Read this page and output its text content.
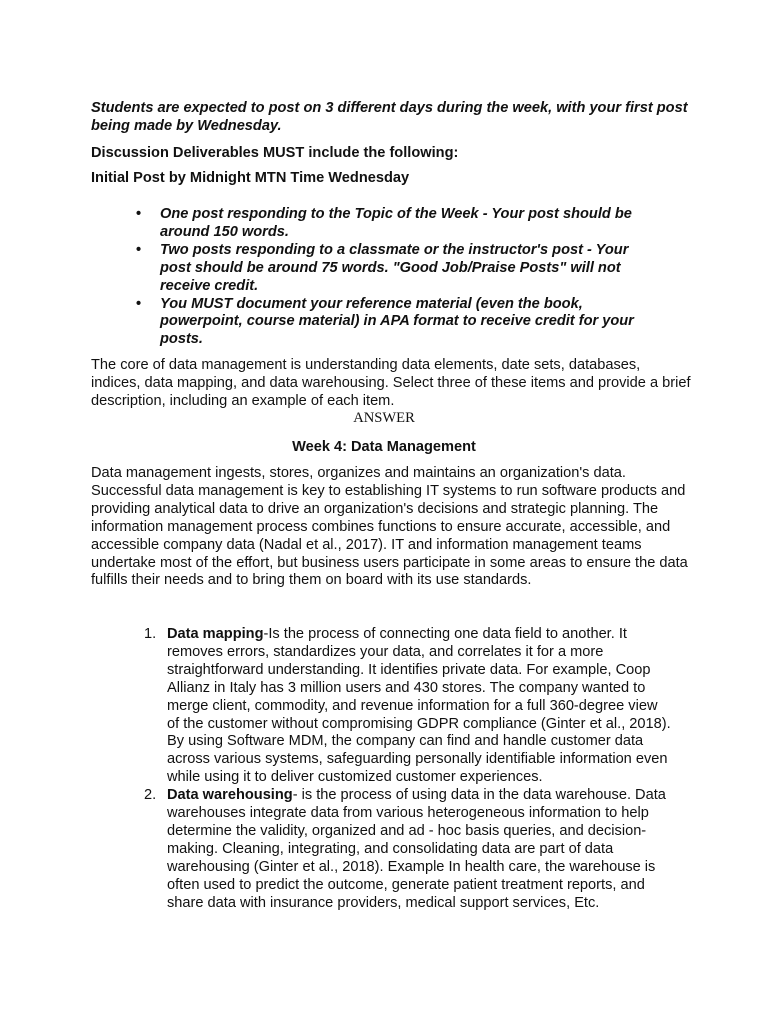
Students are expected to post on 3 different days during the week, with your first post being made by Wednesday.

Discussion Deliverables MUST include the following:

Initial Post by Midnight MTN Time Wednesday

• One post responding to the Topic of the Week - Your post should be around 150 words.
• Two posts responding to a classmate or the instructor's post - Your post should be around 75 words. "Good Job/Praise Posts" will not receive credit.
• You MUST document your reference material (even the book, powerpoint, course material) in APA format to receive credit for your posts.

The core of data management is understanding data elements, date sets, databases, indices, data mapping, and data warehousing. Select three of these items and provide a brief description, including an example of each item.

ANSWER
Week 4: Data Management

Data management ingests, stores, organizes and maintains an organization's data. Successful data management is key to establishing IT systems to run software products and providing analytical data to drive an organization's decisions and strategic planning. The information management process combines functions to ensure accurate, accessible, and accessible company data (Nadal et al., 2017). IT and information management teams undertake most of the effort, but business users participate in some areas to ensure the data fulfills their needs and to bring them on board with its use standards.

1. Data mapping-Is the process of connecting one data field to another. It removes errors, standardizes your data, and correlates it for a more straightforward understanding. It identifies private data. For example, Coop Allianz in Italy has 3 million users and 430 stores. The company wanted to merge client, commodity, and revenue information for a full 360-degree view of the customer without compromising GDPR compliance (Ginter et al., 2018). By using Software MDM, the company can find and handle customer data across various systems, safeguarding personally identifiable information even while using it to deliver customized customer experiences.
2. Data warehousing- is the process of using data in the data warehouse. Data warehouses integrate data from various heterogeneous information to help determine the validity, organized and ad - hoc basis queries, and decision-making. Cleaning, integrating, and consolidating data are part of data warehousing (Ginter et al., 2018). Example In health care, the warehouse is often used to predict the outcome, generate patient treatment reports, and share data with insurance providers, medical support services, Etc.
